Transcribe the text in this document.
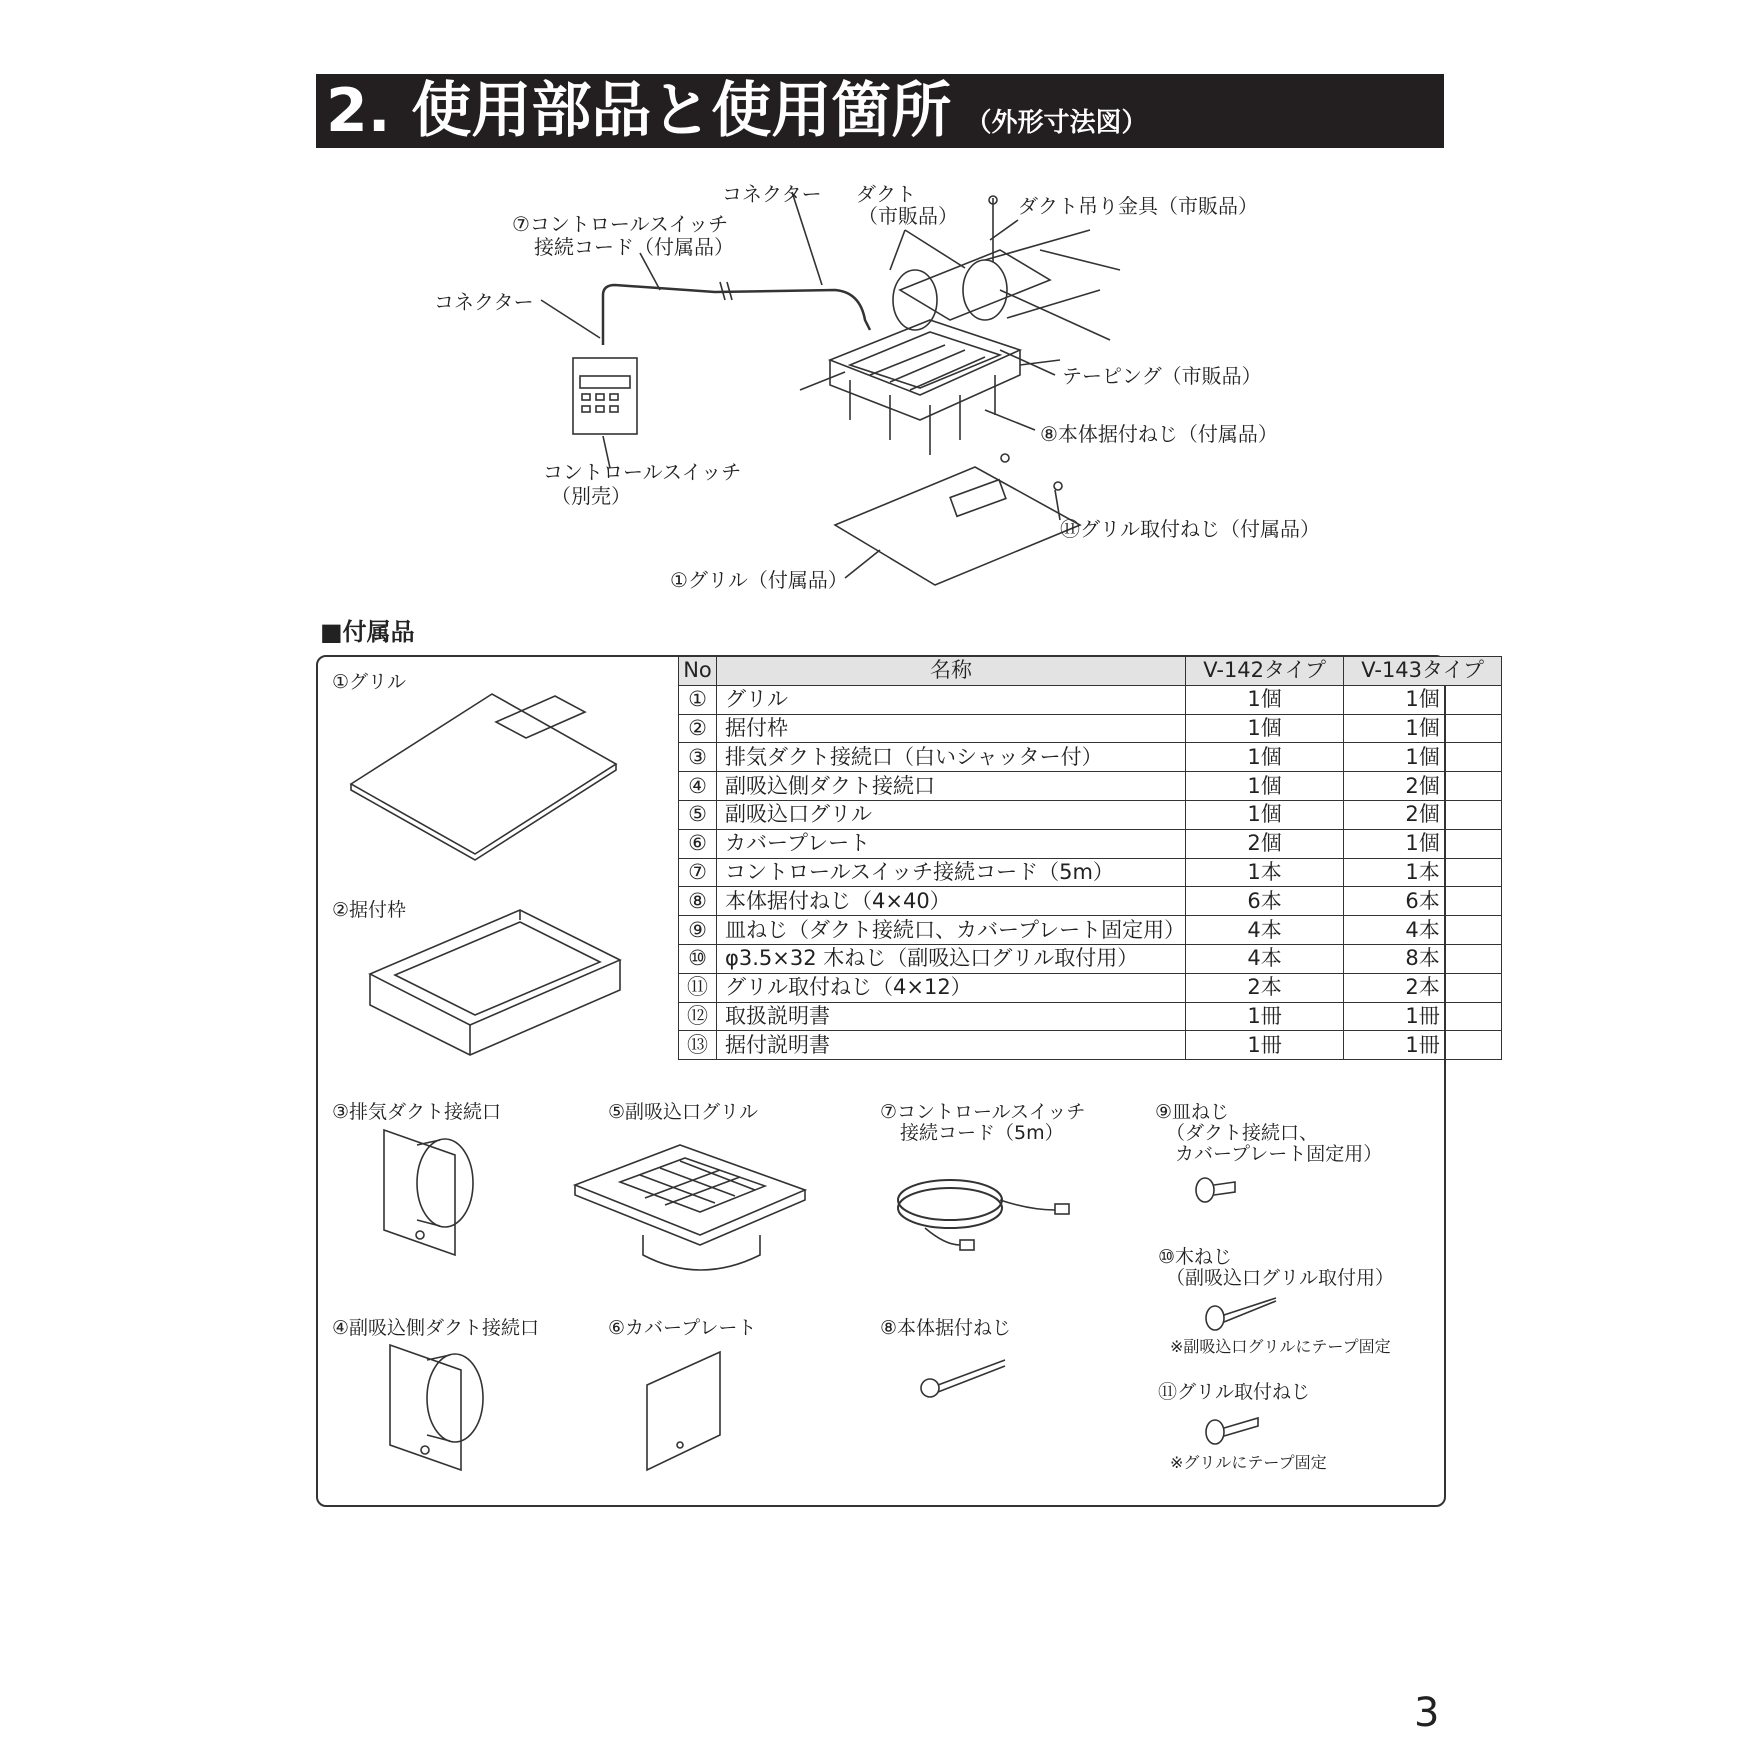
2. 使用部品と使用箇所 （外形寸法図）
コネクター ダクト
（市販品）	ダクト吊り金具（市販品）
⑦コントロールスイッチ
接続コード（付属品）
コネクター
テーピング（市販品）
⑧本体据付ねじ（付属品）
コントロールスイッチ
（別売）
⑪グリル取付ねじ（付属品）
①グリル（付属品）
■付属品
No	名称	V-142タイプ	V-143タイプ
①	グリル	1個	1個
②	据付枠	1個	1個
③	排気ダクト接続口（白いシャッター付）	1個	1個
④	副吸込側ダクト接続口	1個	2個
⑤	副吸込口グリル	1個	2個
⑥	カバープレート	2個	1個
⑦	コントロールスイッチ接続コード（5m）	1本	1本
⑧	本体据付ねじ（4×40）	6本	6本
⑨	皿ねじ（ダクト接続口、カバープレート固定用）	4本	4本
⑩	φ3.5×32 木ねじ（副吸込口グリル取付用）	4本	8本
⑪	グリル取付ねじ（4×12）	2本	2本
⑫	取扱説明書	1冊	1冊
⑬	据付説明書	1冊	1冊
①グリル
②据付枠
③排気ダクト接続口
④副吸込側ダクト接続口
⑤副吸込口グリル
⑥カバープレート
⑦コントロールスイッチ
接続コード（5m）
⑧本体据付ねじ
⑨皿ねじ
（ダクト接続口、
カバープレート固定用）
⑩木ねじ
（副吸込口グリル取付用）
※副吸込口グリルにテープ固定
⑪グリル取付ねじ
※グリルにテープ固定
3
